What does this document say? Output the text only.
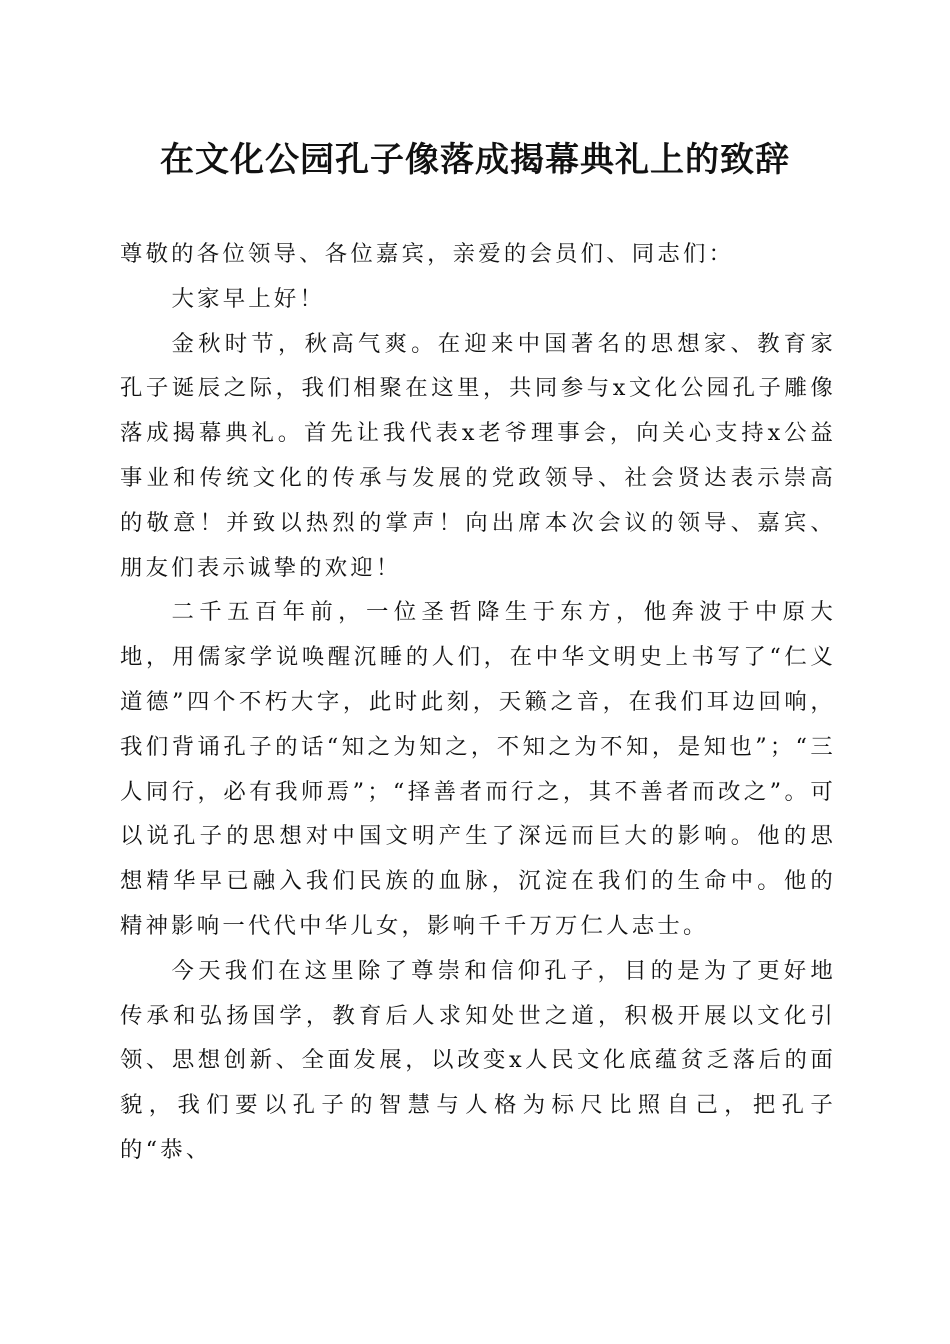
在文化公园孔子像落成揭幕典礼上的致辞

尊敬的各位领导、各位嘉宾，亲爱的会员们、同志们：

大家早上好！

金秋时节，秋高气爽。在迎来中国著名的思想家、教育家孔子诞辰之际，我们相聚在这里，共同参与x文化公园孔子雕像落成揭幕典礼。首先让我代表x老爷理事会，向关心支持x公益事业和传统文化的传承与发展的党政领导、社会贤达表示崇高的敬意！并致以热烈的掌声！向出席本次会议的领导、嘉宾、朋友们表示诚挚的欢迎！

二千五百年前，一位圣哲降生于东方，他奔波于中原大地，用儒家学说唤醒沉睡的人们，在中华文明史上书写了“仁义道德”四个不朽大字，此时此刻，天籁之音，在我们耳边回响，我们背诵孔子的话“知之为知之，不知之为不知，是知也”；“三人同行，必有我师焉”；“择善者而行之，其不善者而改之”。可以说孔子的思想对中国文明产生了深远而巨大的影响。他的思想精华早已融入我们民族的血脉，沉淀在我们的生命中。他的精神影响一代代中华儿女，影响千千万万仁人志士。

今天我们在这里除了尊崇和信仰孔子，目的是为了更好地传承和弘扬国学，教育后人求知处世之道，积极开展以文化引领、思想创新、全面发展，以改变x人民文化底蕴贫乏落后的面貌，我们要以孔子的智慧与人格为标尺比照自己，把孔子的“恭、
